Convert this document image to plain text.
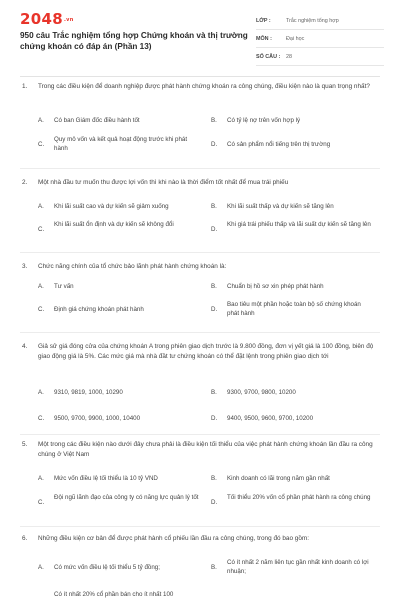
2048.vn
950 câu Trắc nghiệm tổng hợp Chứng khoán và thị trường chứng khoán có đáp án (Phần 13)
LỚP :	Trắc nghiệm tổng hợp
MÔN :	Đại học
SỐ CÂU :	28
1. Trong các điều kiện để doanh nghiệp được phát hành chứng khoán ra công chúng, điều kiện nào là quan trọng nhất?
A.	Có ban Giám đốc điều hành tốt	B.	Có tỷ lệ nợ trên vốn hợp lý
C.
Quy mô vốn và kết quả hoạt động trước khi phát hành
D.	Có sản phẩm nổi tiếng trên thị trường
2. Một nhà đầu tư muốn thu được lợi vốn thì khi nào là thời điểm tốt nhất để mua trái phiếu
A.	Khi lãi suất cao và dự kiến sẽ giảm xuống	B.	Khi lãi suất thấp và dự kiến sẽ tăng lên
C.
Khi lãi suất ổn định và dự kiến sẽ không đổi
D.
Khi giá trái phiếu thấp và lãi suất dự kiến sẽ tăng lên
3. Chức năng chính của tổ chức bảo lãnh phát hành chứng khoán là:
A.	Tư vấn	B.	Chuẩn bị hồ sơ xin phép phát hành
C.	Định giá chứng khoán phát hành	D.
Bao tiêu một phần hoặc toàn bộ số chứng khoán phát hành
4. Giả sử giá đóng cửa của chứng khoán A trong phiên giao dịch trước là 9.800 đồng, đơn vị yết giá là 100 đồng, biên độ giao động giá là 5%. Các mức giá mà nhà đầt tư chứng khoán có thể đặt lệnh trong phiên giao dịch tới
A.	9310, 9819, 1000, 10290	B.	9300, 9700, 9800, 10200
C.	9500, 9700, 9900, 1000, 10400	D.	9400, 9500, 9600, 9700, 10200
5. Một trong các điều kiện nào dưới đây chưa phải là điều kiện tối thiểu của việc phát hành chứng khoán lần đầu ra công chúng ở Việt Nam
A.	Mức vốn điều lệ tối thiểu là 10 tỷ VND	B.	Kinh doanh có lãi trong năm gần nhất
C.
Đội ngũ lãnh đạo của công ty có năng lực quản lý tốt
D.
Tối thiểu 20% vốn cổ phần phát hành ra công chúng
6. Những điều kiện cơ bản để được phát hành cổ phiếu lần đầu ra công chúng, trong đó bao gồm:
A.	Có mức vốn điều lệ tối thiểu 5 tỷ đồng;	B.
Có ít nhất 2 năm liên tục gần nhất kinh doanh có lợi nhuận;
Có ít nhất 20% cổ phần bán cho ít nhất 100
